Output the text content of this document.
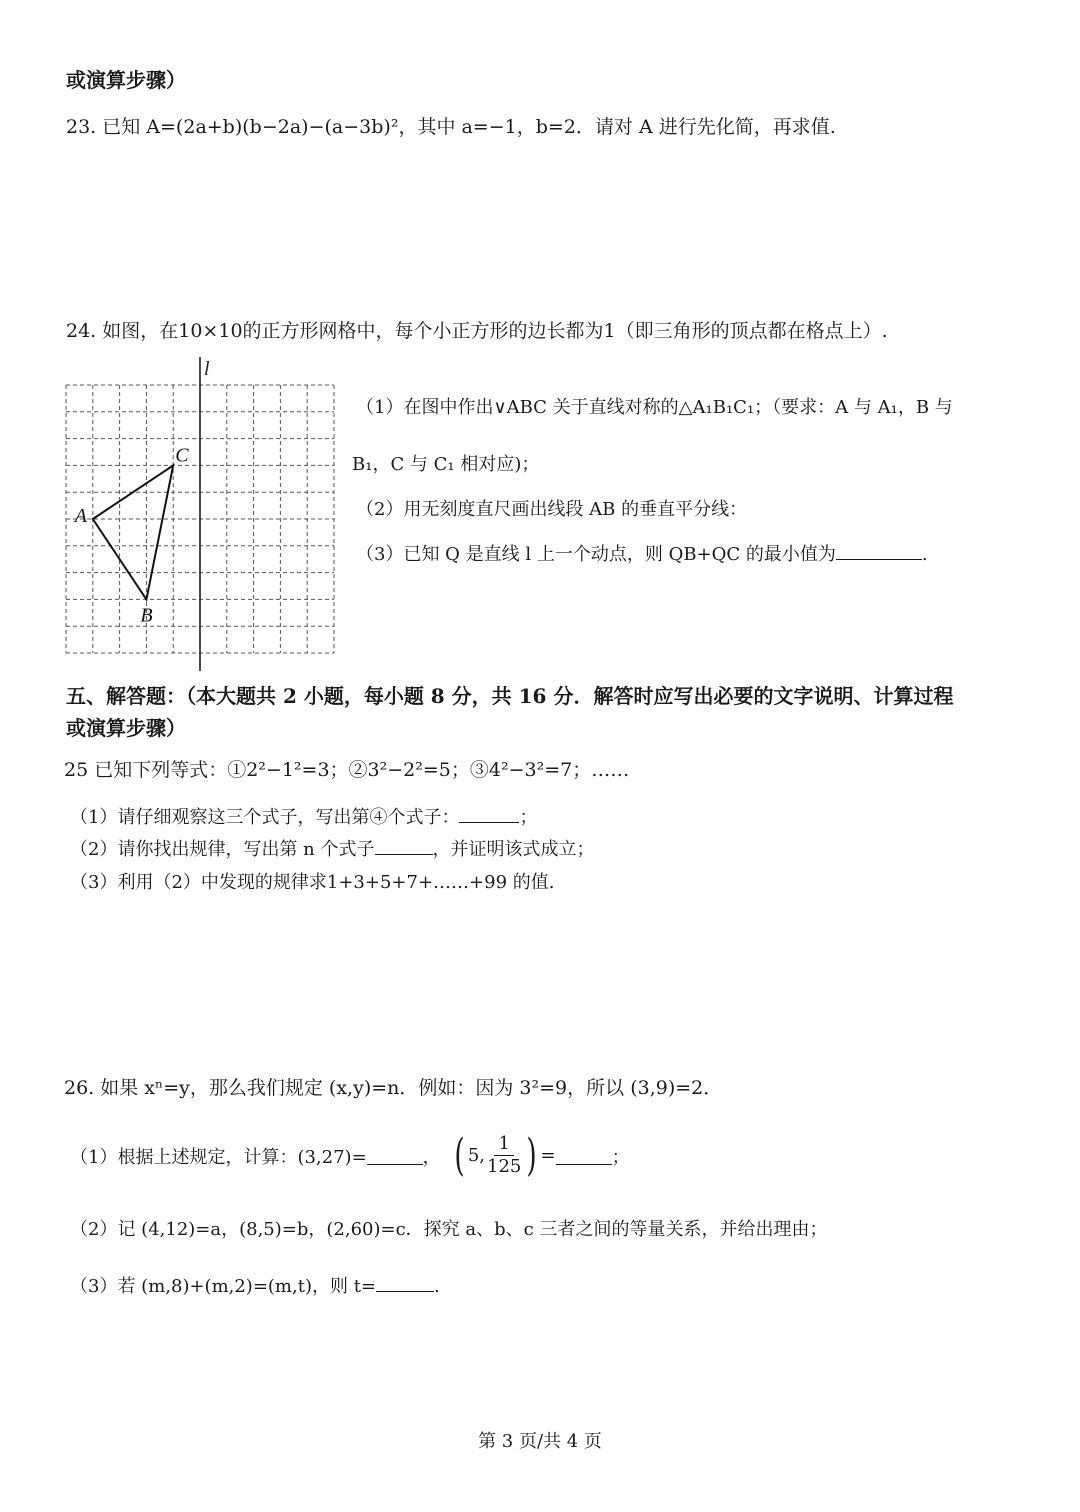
或演算步骤）
23. 已知 A=(2a+b)(b−2a)−(a−3b)²，其中 a=−1，b=2．请对 A 进行先化简，再求值.
24. 如图，在10×10的正方形网格中，每个小正方形的边长都为1（即三角形的顶点都在格点上）.
l
A
B
C
（1）在图中作出∨ABC 关于直线对称的△A₁B₁C₁；（要求：A 与 A₁，B 与
B₁，C 与 C₁ 相对应)；
（2）用无刻度直尺画出线段 AB 的垂直平分线：
（3）已知 Q 是直线 l 上一个动点，则 QB+QC 的最小值为	.
五、解答题：（本大题共 2 小题，每小题 8 分，共 16 分．解答时应写出必要的文字说明、计算过程
或演算步骤）
25 已知下列等式：①2²−1²=3；②3²−2²=5；③4²−3²=7；……
（1）请仔细观察这三个式子，写出第④个式子：	；
（2）请你找出规律，写出第 n 个式子	，并证明该式成立；
（3）利用（2）中发现的规律求1+3+5+7+……+99 的值.
26. 如果 xⁿ=y，那么我们规定 (x,y)=n．例如：因为 3²=9，所以 (3,9)=2．
（1）根据上述规定，计算：(3,27)=	， ( 5, $\frac{1}{125}$ ) =	；
（2）记 (4,12)=a，(8,5)=b，(2,60)=c．探究 a、b、c 三者之间的等量关系，并给出理由；
（3）若 (m,8)+(m,2)=(m,t)，则 t=	.
第 3 页/共 4 页
